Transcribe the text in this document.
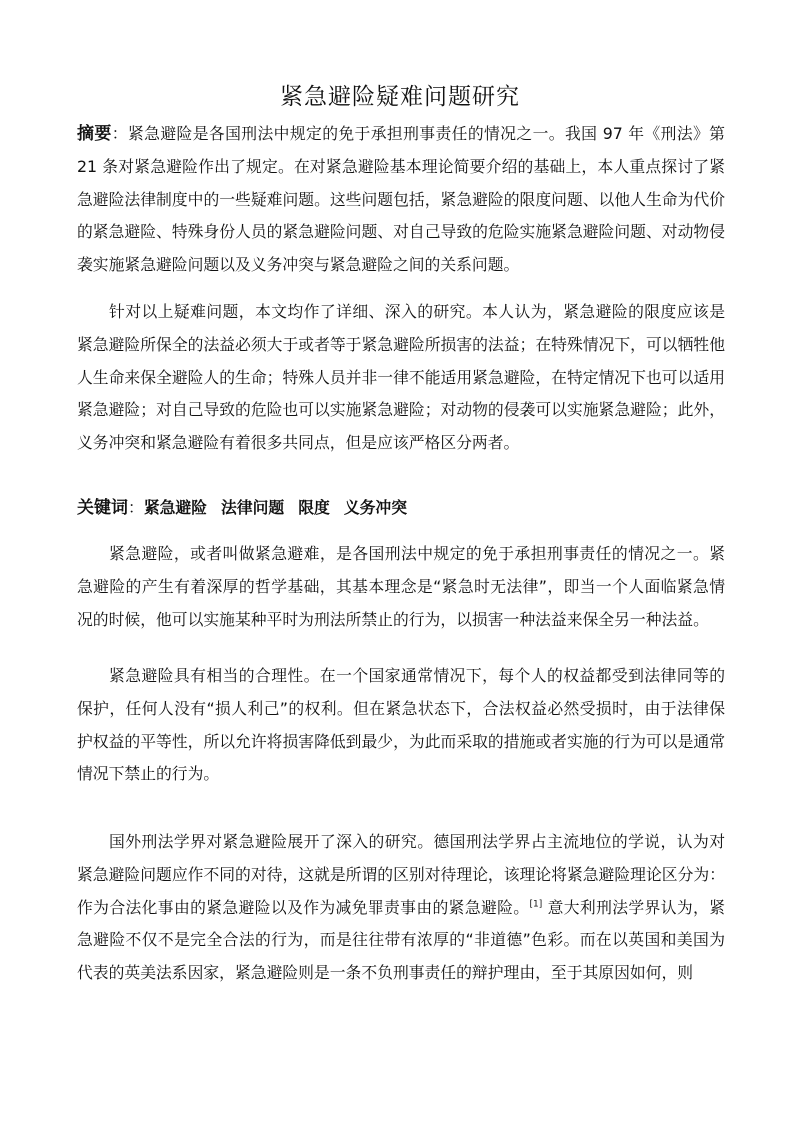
紧急避险疑难问题研究

摘要：紧急避险是各国刑法中规定的免于承担刑事责任的情况之一。我国 97 年《刑法》第 21 条对紧急避险作出了规定。在对紧急避险基本理论简要介绍的基础上，本人重点探讨了紧急避险法律制度中的一些疑难问题。这些问题包括，紧急避险的限度问题、以他人生命为代价的紧急避险、特殊身份人员的紧急避险问题、对自己导致的危险实施紧急避险问题、对动物侵袭实施紧急避险问题以及义务冲突与紧急避险之间的关系问题。

针对以上疑难问题，本文均作了详细、深入的研究。本人认为，紧急避险的限度应该是紧急避险所保全的法益必须大于或者等于紧急避险所损害的法益；在特殊情况下，可以牺牲他人生命来保全避险人的生命；特殊人员并非一律不能适用紧急避险，在特定情况下也可以适用紧急避险；对自己导致的危险也可以实施紧急避险；对动物的侵袭可以实施紧急避险；此外，义务冲突和紧急避险有着很多共同点，但是应该严格区分两者。

关键词：紧急避险 法律问题 限度 义务冲突

紧急避险，或者叫做紧急避难，是各国刑法中规定的免于承担刑事责任的情况之一。紧急避险的产生有着深厚的哲学基础，其基本理念是“紧急时无法律”，即当一个人面临紧急情况的时候，他可以实施某种平时为刑法所禁止的行为，以损害一种法益来保全另一种法益。

紧急避险具有相当的合理性。在一个国家通常情况下，每个人的权益都受到法律同等的保护，任何人没有“损人利己”的权利。但在紧急状态下，合法权益必然受损时，由于法律保护权益的平等性，所以允许将损害降低到最少，为此而采取的措施或者实施的行为可以是通常情况下禁止的行为。

国外刑法学界对紧急避险展开了深入的研究。德国刑法学界占主流地位的学说，认为对紧急避险问题应作不同的对待，这就是所谓的区别对待理论，该理论将紧急避险理论区分为：作为合法化事由的紧急避险以及作为减免罪责事由的紧急避险。[1] 意大利刑法学界认为，紧急避险不仅不是完全合法的行为，而是往往带有浓厚的“非道德”色彩。而在以英国和美国为代表的英美法系因家，紧急避险则是一条不负刑事责任的辩护理由，至于其原因如何，则
